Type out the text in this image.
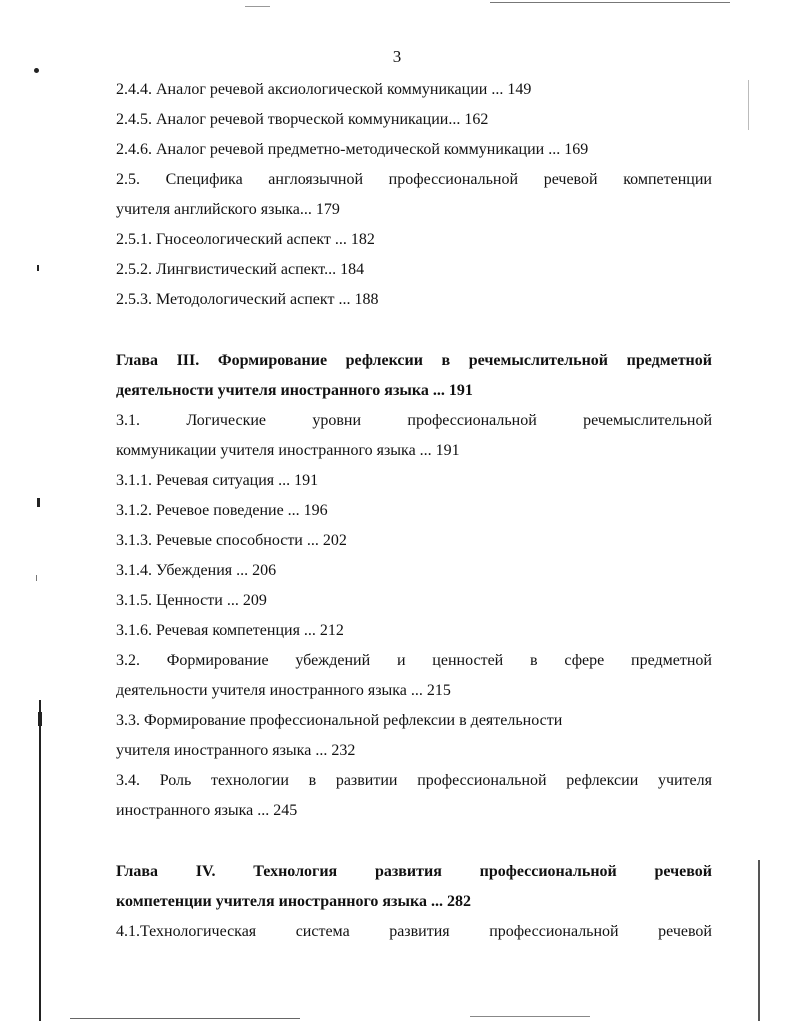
3
2.4.4. Аналог речевой аксиологической коммуникации ... 149
2.4.5. Аналог речевой творческой коммуникации... 162
2.4.6. Аналог речевой предметно-методической коммуникации ... 169
2.5. Специфика англоязычной профессиональной речевой компетенции
учителя английского языка... 179
2.5.1. Гносеологический аспект ... 182
2.5.2. Лингвистический аспект... 184
2.5.3. Методологический аспект ... 188
Глава III. Формирование рефлексии в речемыслительной предметной
деятельности учителя иностранного языка ... 191
3.1. Логические уровни профессиональной речемыслительной
коммуникации учителя иностранного языка ... 191
3.1.1. Речевая ситуация ... 191
3.1.2. Речевое поведение ... 196
3.1.3. Речевые способности ... 202
3.1.4. Убеждения ... 206
3.1.5. Ценности ... 209
3.1.6. Речевая компетенция ... 212
3.2. Формирование убеждений и ценностей в сфере предметной
деятельности учителя иностранного языка ... 215
3.3. Формирование профессиональной рефлексии в деятельности
учителя иностранного языка ... 232
3.4. Роль технологии в развитии профессиональной рефлексии учителя
иностранного языка ... 245
Глава IV. Технология развития профессиональной речевой
компетенции учителя иностранного языка ... 282
4.1.Технологическая система развития профессиональной речевой
